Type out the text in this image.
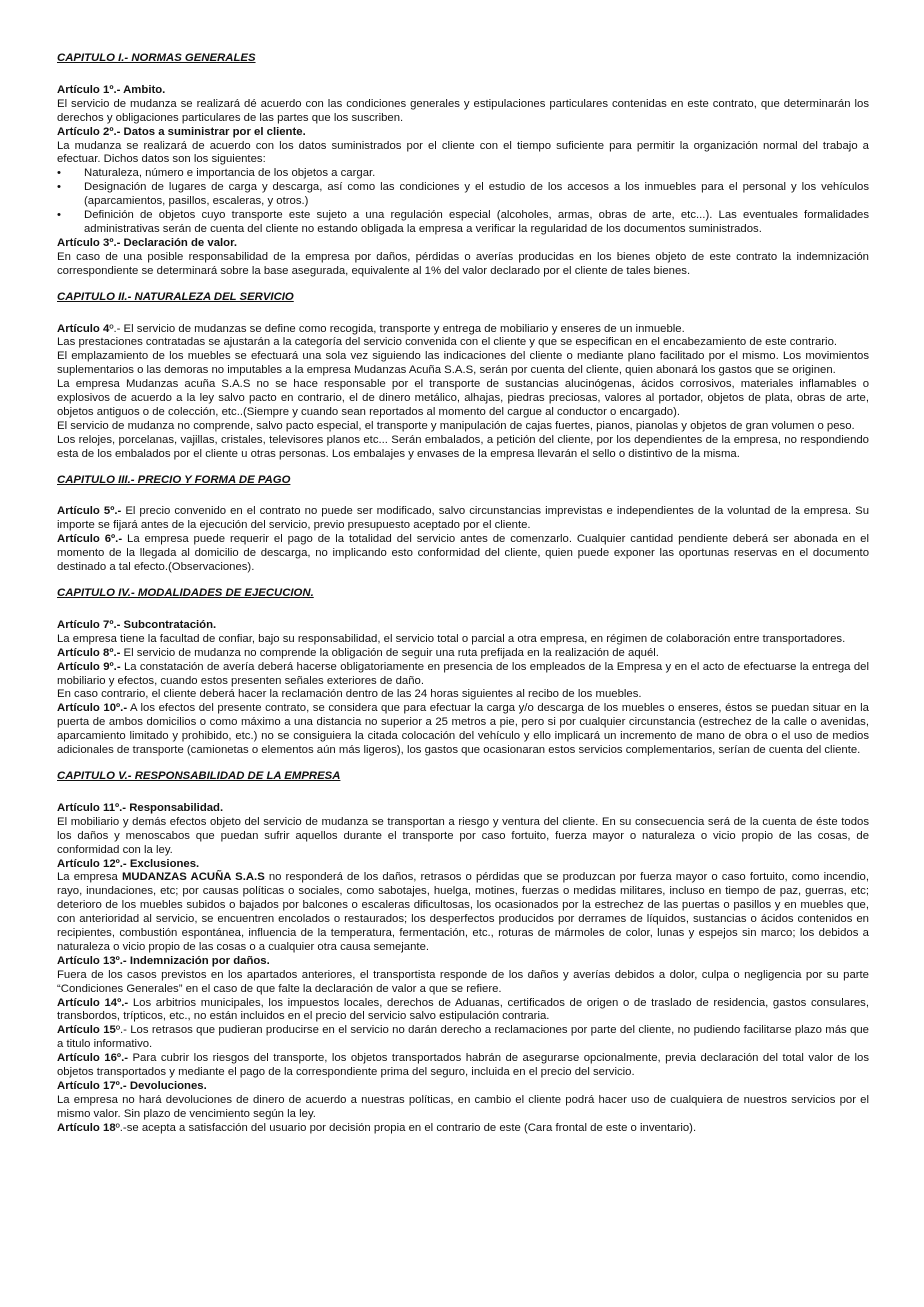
CAPITULO I.- NORMAS GENERALES

Artículo 1º.- Ambito.

El servicio de mudanza se realizará dé acuerdo con las condiciones generales y estipulaciones particulares contenidas en este contrato, que determinarán los derechos y obligaciones particulares de las partes que los suscriben.

Artículo 2º.- Datos a suministrar por el cliente.

La mudanza se realizará de acuerdo con los datos suministrados por el cliente con el tiempo suficiente para permitir la organización normal del trabajo a efectuar. Dichos datos son los siguientes:

• Naturaleza, número e importancia de los objetos a cargar.
• Designación de lugares de carga y descarga, así como las condiciones y el estudio de los accesos a los inmuebles para el personal y los vehículos (aparcamientos, pasillos, escaleras, y otros.)
• Definición de objetos cuyo transporte este sujeto a una regulación especial (alcoholes, armas, obras de arte, etc...). Las eventuales formalidades administrativas serán de cuenta del cliente no estando obligada la empresa a verificar la regularidad de los documentos suministrados.

Artículo 3º.- Declaración de valor.

En caso de una posible responsabilidad de la empresa por daños, pérdidas o averías producidas en los bienes objeto de este contrato la indemnización correspondiente se determinará sobre la base asegurada, equivalente al 1% del valor declarado por el cliente de tales bienes.

CAPITULO II.- NATURALEZA DEL SERVICIO

Artículo 4º.- El servicio de mudanzas se define como recogida, transporte y entrega de mobiliario y enseres de un inmueble.

Las prestaciones contratadas se ajustarán a la categoría del servicio convenida con el cliente y que se especifican en el encabezamiento de este contrario.

El emplazamiento de los muebles se efectuará una sola vez siguiendo las indicaciones del cliente o mediante plano facilitado por el mismo. Los movimientos suplementarios o las demoras no imputables a la empresa Mudanzas Acuña S.A.S, serán por cuenta del cliente, quien abonará los gastos que se originen.

La empresa Mudanzas acuña S.A.S no se hace responsable por el transporte de sustancias alucinógenas, ácidos corrosivos, materiales inflamables o explosivos de acuerdo a la ley salvo pacto en contrario, el de dinero metálico, alhajas, piedras preciosas, valores al portador, objetos de plata, obras de arte, objetos antiguos o de colección, etc..(Siempre y cuando sean reportados al momento del cargue al conductor o encargado).

El servicio de mudanza no comprende, salvo pacto especial, el transporte y manipulación de cajas fuertes, pianos, pianolas y objetos de gran volumen o peso.

Los relojes, porcelanas, vajillas, cristales, televisores planos etc... Serán embalados, a petición del cliente, por los dependientes de la empresa, no respondiendo esta de los embalados por el cliente u otras personas. Los embalajes y envases de la empresa llevarán el sello o distintivo de la misma.

CAPITULO III.- PRECIO Y FORMA DE PAGO

Artículo 5º.- El precio convenido en el contrato no puede ser modificado, salvo circunstancias imprevistas e independientes de la voluntad de la empresa. Su importe se fijará antes de la ejecución del servicio, previo presupuesto aceptado por el cliente.

Artículo 6º.- La empresa puede requerir el pago de la totalidad del servicio antes de comenzarlo. Cualquier cantidad pendiente deberá ser abonada en el momento de la llegada al domicilio de descarga, no implicando esto conformidad del cliente, quien puede exponer las oportunas reservas en el documento destinado a tal efecto.(Observaciones).

CAPITULO IV.- MODALIDADES DE EJECUCION.

Artículo 7º.- Subcontratación.

La empresa tiene la facultad de confiar, bajo su responsabilidad, el servicio total o parcial a otra empresa, en régimen de colaboración entre transportadores.

Artículo 8º.- El servicio de mudanza no comprende la obligación de seguir una ruta prefijada en la realización de aquél.

Artículo 9º.- La constatación de avería deberá hacerse obligatoriamente en presencia de los empleados de la Empresa y en el acto de efectuarse la entrega del mobiliario y efectos, cuando estos presenten señales exteriores de daño.

En caso contrario, el cliente deberá hacer la reclamación dentro de las 24 horas siguientes al recibo de los muebles.

Artículo 10º.- A los efectos del presente contrato, se considera que para efectuar la carga y/o descarga de los muebles o enseres, éstos se puedan situar en la puerta de ambos domicilios o como máximo a una distancia no superior a 25 metros a pie, pero si por cualquier circunstancia (estrechez de la calle o avenidas, aparcamiento limitado y prohibido, etc.) no se consiguiera la citada colocación del vehículo y ello implicará un incremento de mano de obra o el uso de medios adicionales de transporte (camionetas o elementos aún más ligeros), los gastos que ocasionaran estos servicios complementarios, serían de cuenta del cliente.

CAPITULO V.- RESPONSABILIDAD DE LA EMPRESA

Artículo 11º.- Responsabilidad.

El mobiliario y demás efectos objeto del servicio de mudanza se transportan a riesgo y ventura del cliente. En su consecuencia será de la cuenta de éste todos los daños y menoscabos que puedan sufrir aquellos durante el transporte por caso fortuito, fuerza mayor o naturaleza o vicio propio de las cosas, de conformidad con la ley.

Artículo 12º.- Exclusiones.

La empresa MUDANZAS ACUÑA S.A.S no responderá de los daños, retrasos o pérdidas que se produzcan por fuerza mayor o caso fortuito, como incendio, rayo, inundaciones, etc; por causas políticas o sociales, como sabotajes, huelga, motines, fuerzas o medidas militares, incluso en tiempo de paz, guerras, etc; deterioro de los muebles subidos o bajados por balcones o escaleras dificultosas, los ocasionados por la estrechez de las puertas o pasillos y en muebles que, con anterioridad al servicio, se encuentren encolados o restaurados; los desperfectos producidos por derrames de líquidos, sustancias o ácidos contenidos en recipientes, combustión espontánea, influencia de la temperatura, fermentación, etc., roturas de mármoles de color, lunas y espejos sin marco; los debidos a naturaleza o vicio propio de las cosas o a cualquier otra causa semejante.

Artículo 13º.- Indemnización por daños.

Fuera de los casos previstos en los apartados anteriores, el transportista responde de los daños y averías debidos a dolor, culpa o negligencia por su parte “Condiciones Generales” en el caso de que falte la declaración de valor a que se refiere.

Artículo 14º.- Los arbitrios municipales, los impuestos locales, derechos de Aduanas, certificados de origen o de traslado de residencia, gastos consulares, transbordos, trípticos, etc., no están incluidos en el precio del servicio salvo estipulación contraria.

Artículo 15º.- Los retrasos que pudieran producirse en el servicio no darán derecho a reclamaciones por parte del cliente, no pudiendo facilitarse plazo más que a titulo informativo.

Artículo 16º.- Para cubrir los riesgos del transporte, los objetos transportados habrán de asegurarse opcionalmente, previa declaración del total valor de los objetos transportados y mediante el pago de la correspondiente prima del seguro, incluida en el precio del servicio.

Artículo 17º.- Devoluciones.

La empresa no hará devoluciones de dinero de acuerdo a nuestras políticas, en cambio el cliente podrá hacer uso de cualquiera de nuestros servicios por el mismo valor. Sin plazo de vencimiento según la ley.

Artículo 18º.-se acepta a satisfacción del usuario por decisión propia en el contrario de este (Cara frontal de este o inventario).
